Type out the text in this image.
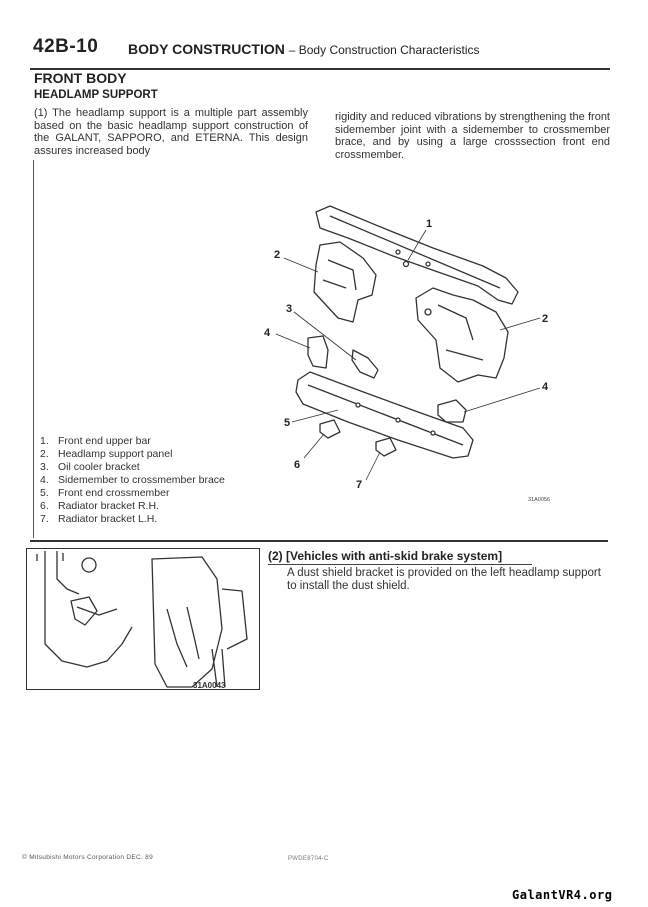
42B-10 BODY CONSTRUCTION – Body Construction Characteristics
FRONT BODY
HEADLAMP SUPPORT
(1) The headlamp support is a multiple part assembly based on the basic headlamp support construction of the GALANT, SAPPORO, and ETERNA. This design assures increased body
rigidity and reduced vibrations by strengthening the front sidemember joint with a sidemember to crossmember brace, and by using a large crosssection front end crossmember.
1
2
2
3
4
4
5
6
7
1. Front end upper bar
2. Headlamp support panel
3. Oil cooler bracket
4. Sidemember to crossmember brace
5. Front end crossmember
6. Radiator bracket R.H.
7. Radiator bracket L.H.
31A0056
31A0043
(2) [Vehicles with anti-skid brake system]
A dust shield bracket is provided on the left headlamp support to install the dust shield.
© Mitsubishi Motors Corporation DEC. 89	PWDE8704-C
GalantVR4.org
